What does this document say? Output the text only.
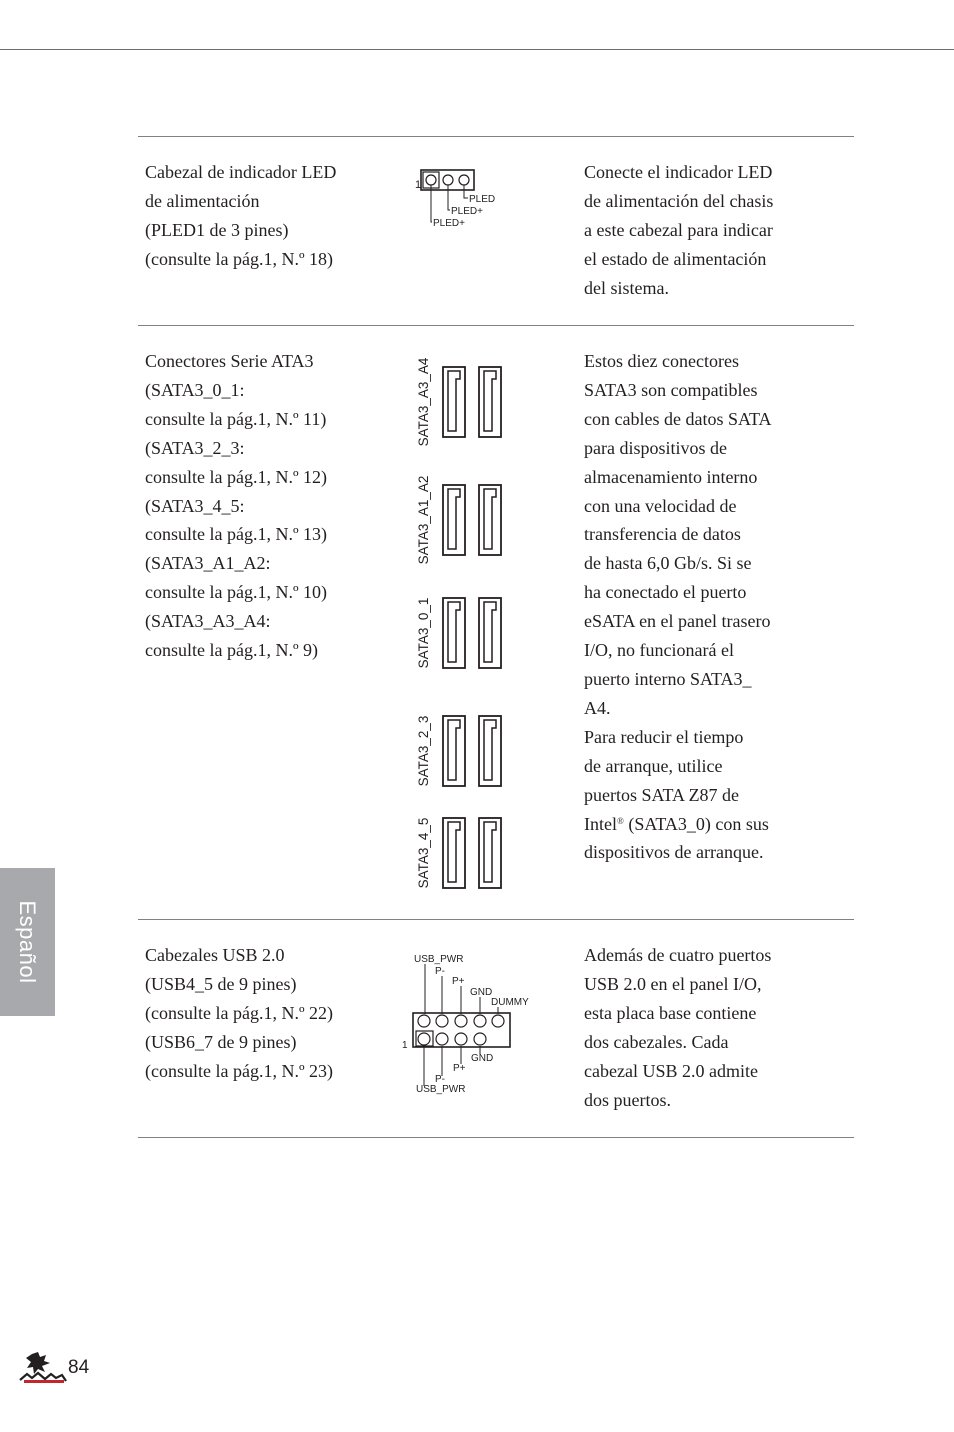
Cabezal de indicador LED
de alimentación
(PLED1 de 3 pines)
(consulte la pág.1, N.º 18)
1
PLED
PLED+
PLED+
Conecte el indicador LED
de alimentación del chasis
a este cabezal para indicar
el estado de alimentación
del sistema.
Conectores Serie ATA3
(SATA3_0_1:
consulte la pág.1, N.º 11)
(SATA3_2_3:
consulte la pág.1, N.º 12)
(SATA3_4_5:
consulte la pág.1, N.º 13)
(SATA3_A1_A2:
consulte la pág.1, N.º 10)
(SATA3_A3_A4:
consulte la pág.1, N.º 9)
SATA3_A3_A4
SATA3_A1_A2
SATA3_0_1
SATA3_2_3
SATA3_4_5
Estos diez conectores
SATA3 son compatibles
con cables de datos SATA
para dispositivos de
almacenamiento interno
con una velocidad de
transferencia de datos
de hasta 6,0 Gb/s. Si se
ha conectado el puerto
eSATA en el panel trasero
I/O, no funcionará el
puerto interno SATA3_
A4.
Para reducir el tiempo
de arranque, utilice
puertos SATA Z87 de
Intel® (SATA3_0) con sus
dispositivos de arranque.
Cabezales USB 2.0
(USB4_5 de 9 pines)
(consulte la pág.1, N.º 22)
(USB6_7 de 9 pines)
(consulte la pág.1, N.º 23)
USB_PWR
P-
P+
GND
DUMMY
1
GND
P+
P-
USB_PWR
Además de cuatro puertos
USB 2.0 en el panel I/O,
esta placa base contiene
dos cabezales. Cada
cabezal USB 2.0 admite
dos puertos.
Español
84
